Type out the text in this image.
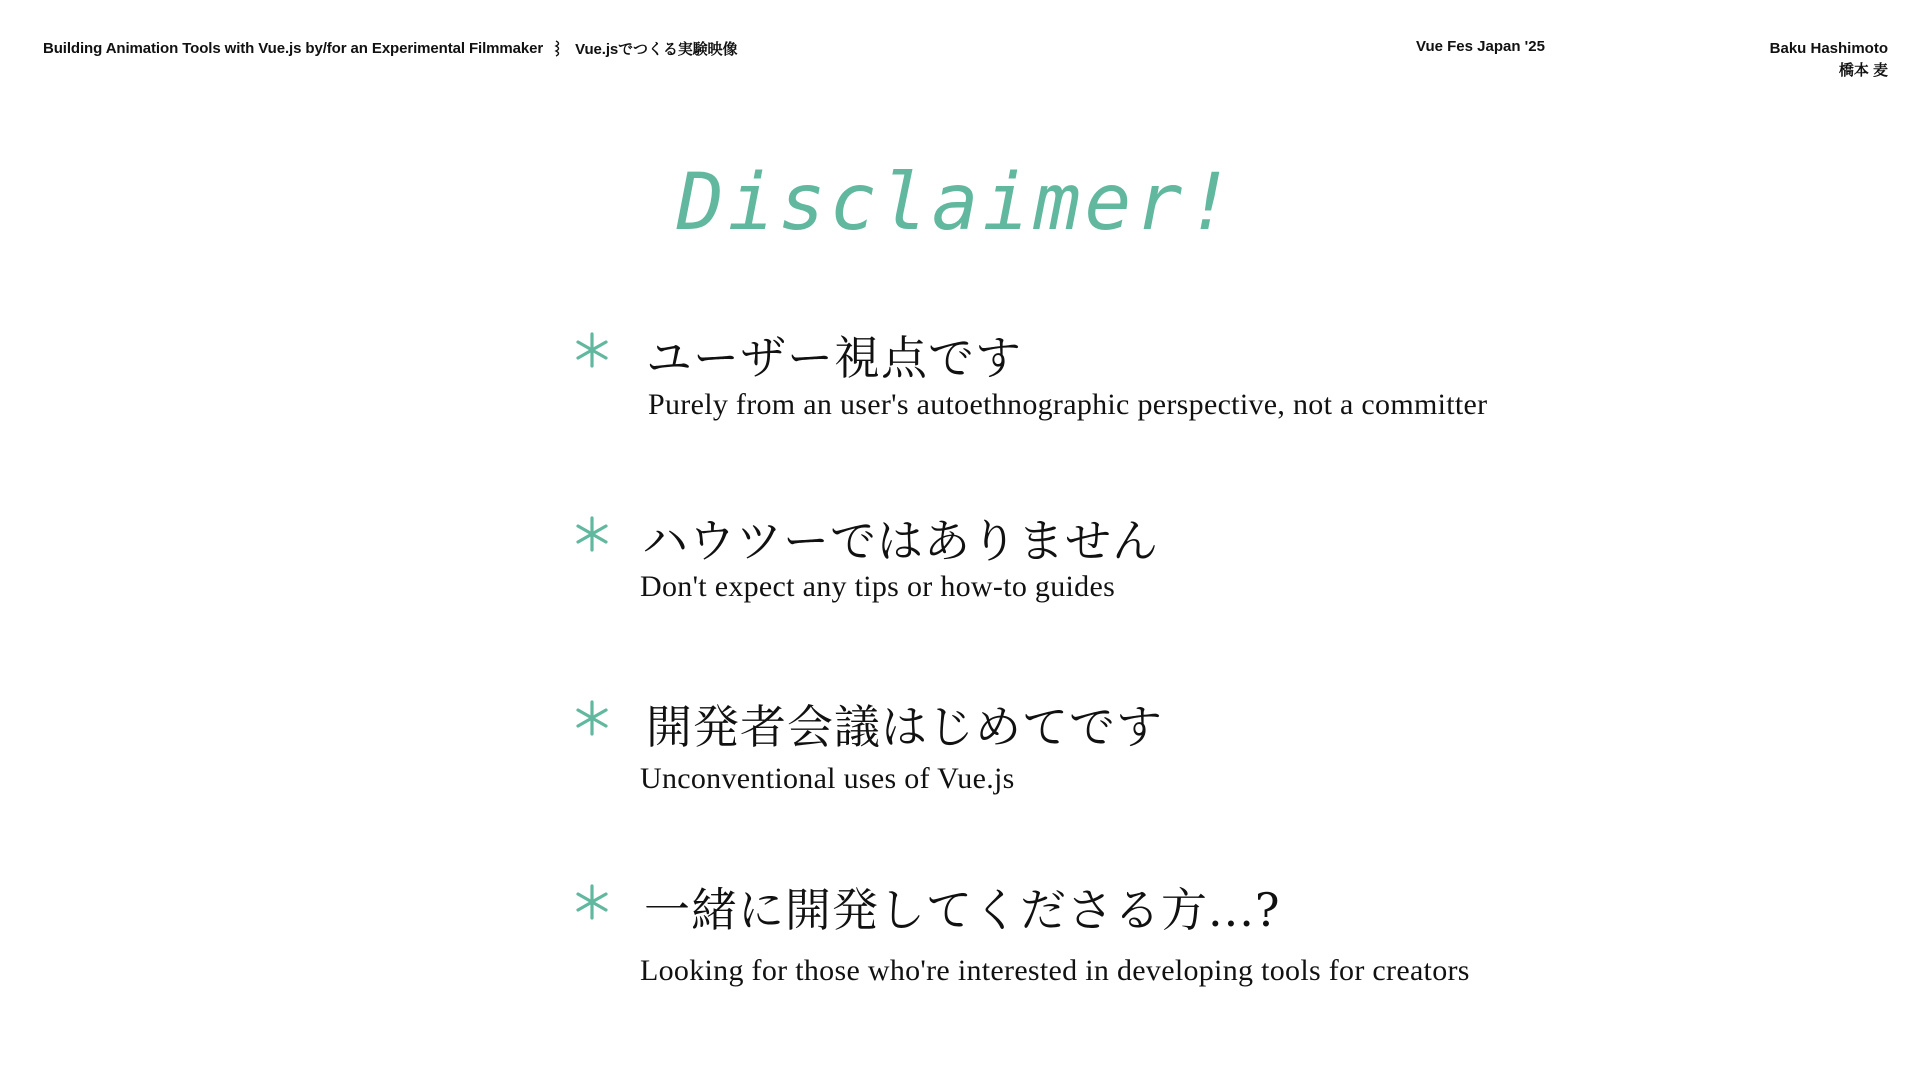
Building Animation Tools with Vue.js by/for an Experimental Filmmaker Vue.jsでつくる実験映像	Vue Fes Japan '25	Baku Hashimoto
橋本 麦
Disclaimer!
ユーザー視点です
Purely from an user's autoethnographic perspective, not a committer
ハウツーではありません
Don't expect any tips or how-to guides
開発者会議はじめてです
Unconventional uses of Vue.js
一緒に開発してくださる方...?
Looking for those who're interested in developing tools for creators
